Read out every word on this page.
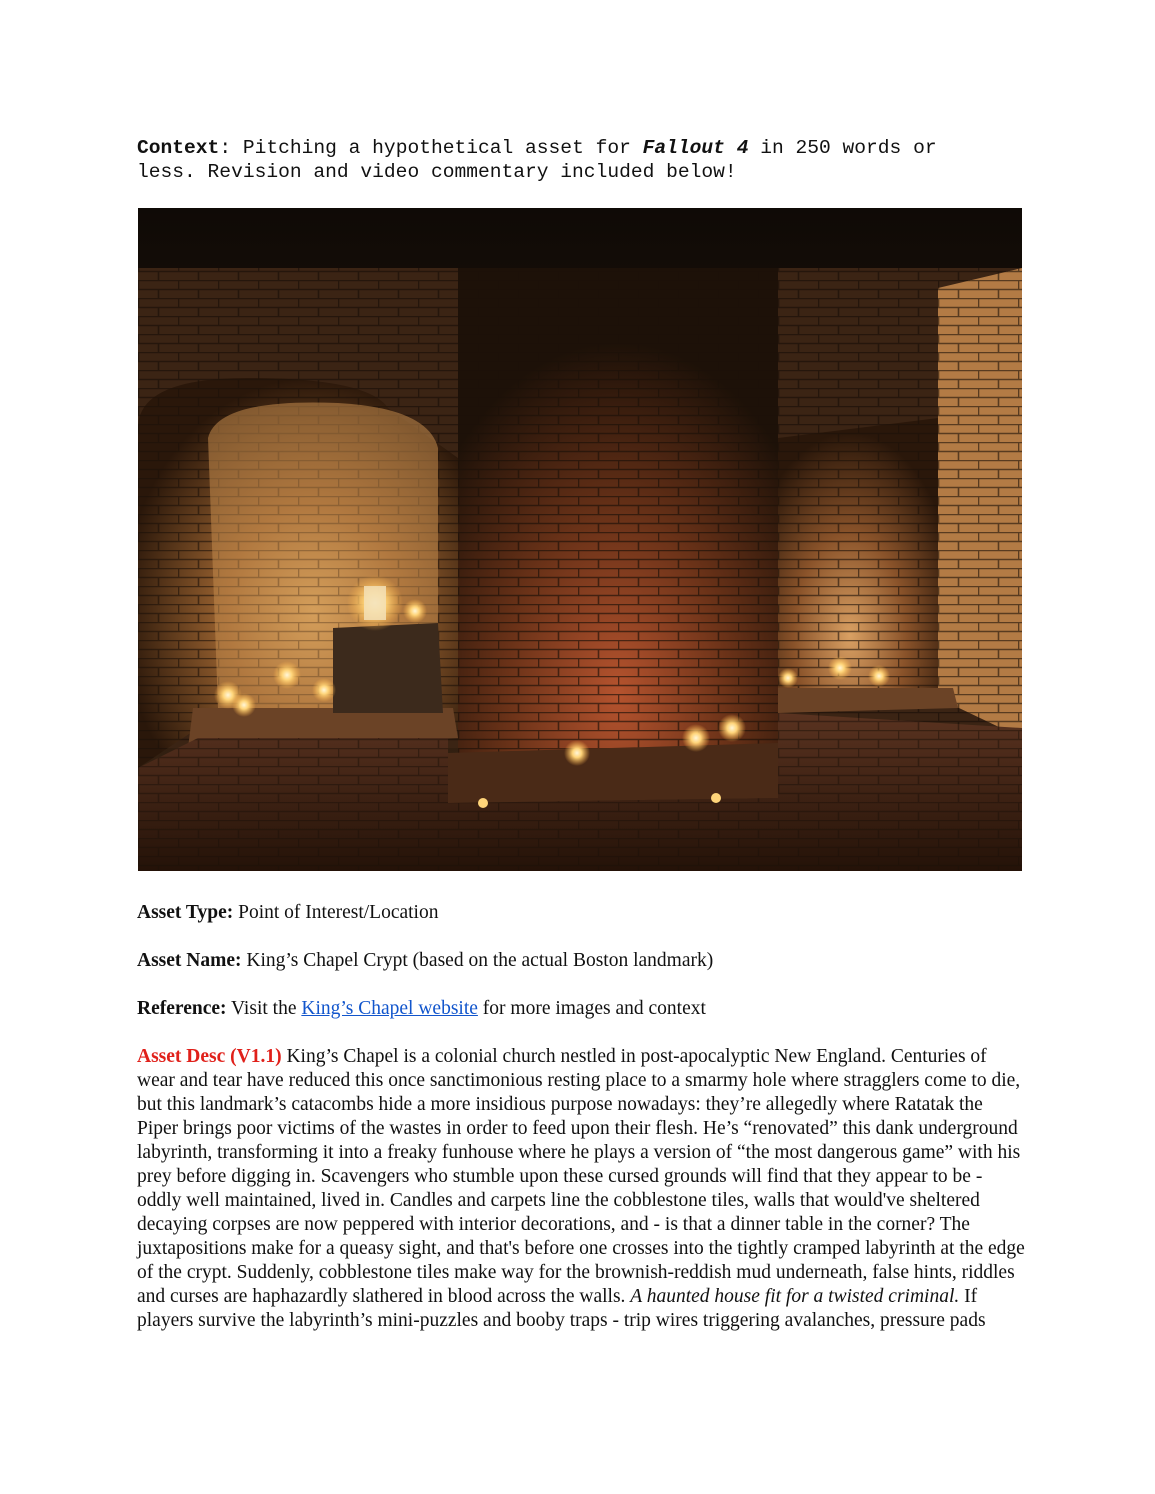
Context: Pitching a hypothetical asset for Fallout 4 in 250 words or
less. Revision and video commentary included below!
Asset Type: Point of Interest/Location
Asset Name: King’s Chapel Crypt (based on the actual Boston landmark)
Reference: Visit the King’s Chapel website for more images and context
Asset Desc (V1.1) King’s Chapel is a colonial church nestled in post-apocalyptic New England. Centuries of wear and tear have reduced this once sanctimonious resting place to a smarmy hole where stragglers come to die, but this landmark’s catacombs hide a more insidious purpose nowadays: they’re allegedly where Ratatak the Piper brings poor victims of the wastes in order to feed upon their flesh. He’s “renovated” this dank underground labyrinth, transforming it into a freaky funhouse where he plays a version of “the most dangerous game” with his prey before digging in. Scavengers who stumble upon these cursed grounds will find that they appear to be - oddly well maintained, lived in. Candles and carpets line the cobblestone tiles, walls that would've sheltered decaying corpses are now peppered with interior decorations, and - is that a dinner table in the corner? The juxtapositions make for a queasy sight, and that's before one crosses into the tightly cramped labyrinth at the edge of the crypt. Suddenly, cobblestone tiles make way for the brownish-reddish mud underneath, false hints, riddles and curses are haphazardly slathered in blood across the walls. A haunted house fit for a twisted criminal. If players survive the labyrinth’s mini-puzzles and booby traps - trip wires triggering avalanches, pressure pads
